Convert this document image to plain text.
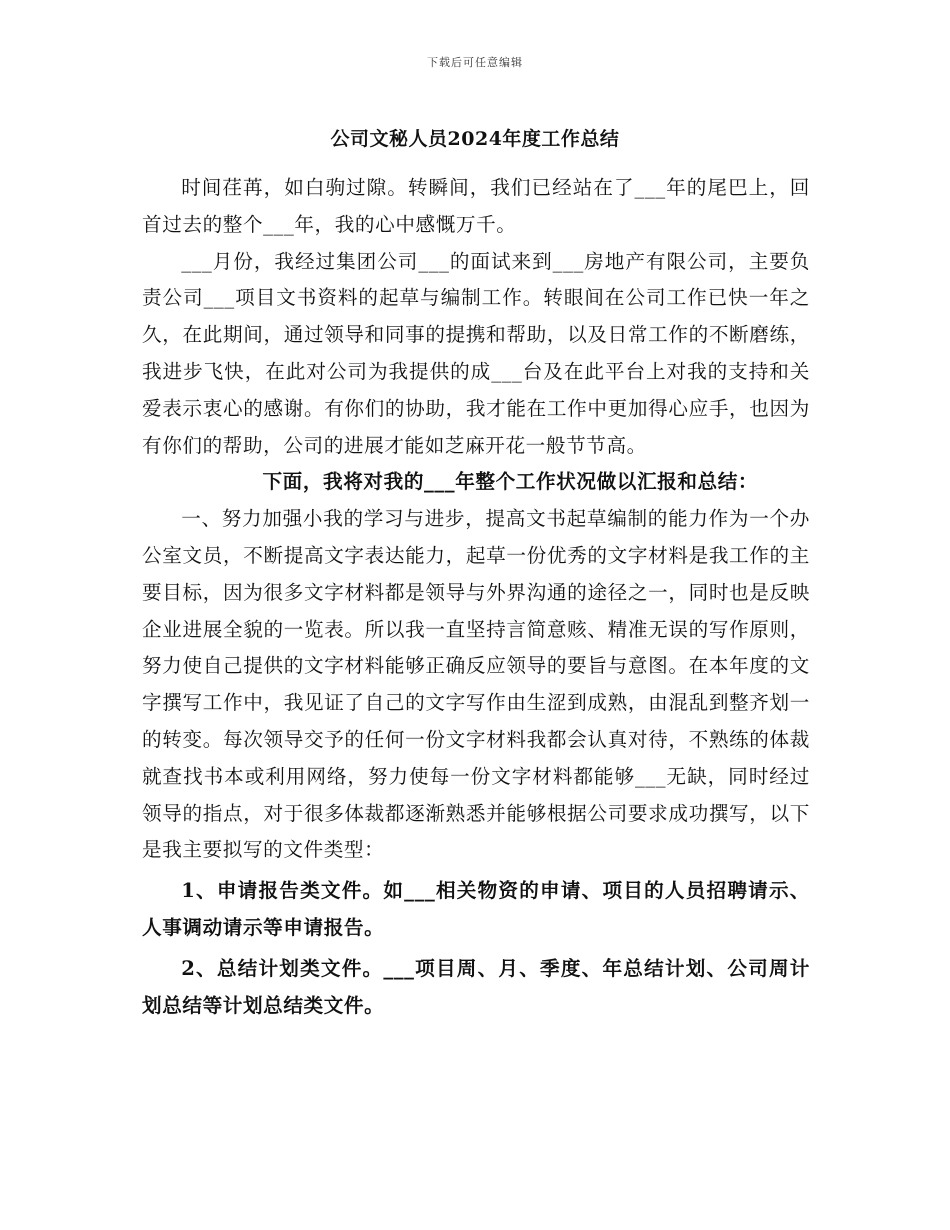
下载后可任意编辑
公司文秘人员2024年度工作总结

时间荏苒，如白驹过隙。转瞬间，我们已经站在了___年的尾巴上，回首过去的整个___年，我的心中感慨万千。

___月份，我经过集团公司___的面试来到___房地产有限公司，主要负责公司___项目文书资料的起草与编制工作。转眼间在公司工作已快一年之久，在此期间，通过领导和同事的提携和帮助，以及日常工作的不断磨练，我进步飞快，在此对公司为我提供的成___台及在此平台上对我的支持和关爱表示衷心的感谢。有你们的协助，我才能在工作中更加得心应手，也因为有你们的帮助，公司的进展才能如芝麻开花一般节节高。

下面，我将对我的___年整个工作状况做以汇报和总结：

一、努力加强小我的学习与进步，提高文书起草编制的能力作为一个办公室文员，不断提高文字表达能力，起草一份优秀的文字材料是我工作的主要目标，因为很多文字材料都是领导与外界沟通的途径之一，同时也是反映企业进展全貌的一览表。所以我一直坚持言简意赅、精准无误的写作原则，努力使自己提供的文字材料能够正确反应领导的要旨与意图。在本年度的文字撰写工作中，我见证了自己的文字写作由生涩到成熟，由混乱到整齐划一的转变。每次领导交予的任何一份文字材料我都会认真对待，不熟练的体裁就查找书本或利用网络，努力使每一份文字材料都能够___无缺，同时经过领导的指点，对于很多体裁都逐渐熟悉并能够根据公司要求成功撰写，以下是我主要拟写的文件类型：

1、申请报告类文件。如___相关物资的申请、项目的人员招聘请示、人事调动请示等申请报告。

2、总结计划类文件。___项目周、月、季度、年总结计划、公司周计划总结等计划总结类文件。
